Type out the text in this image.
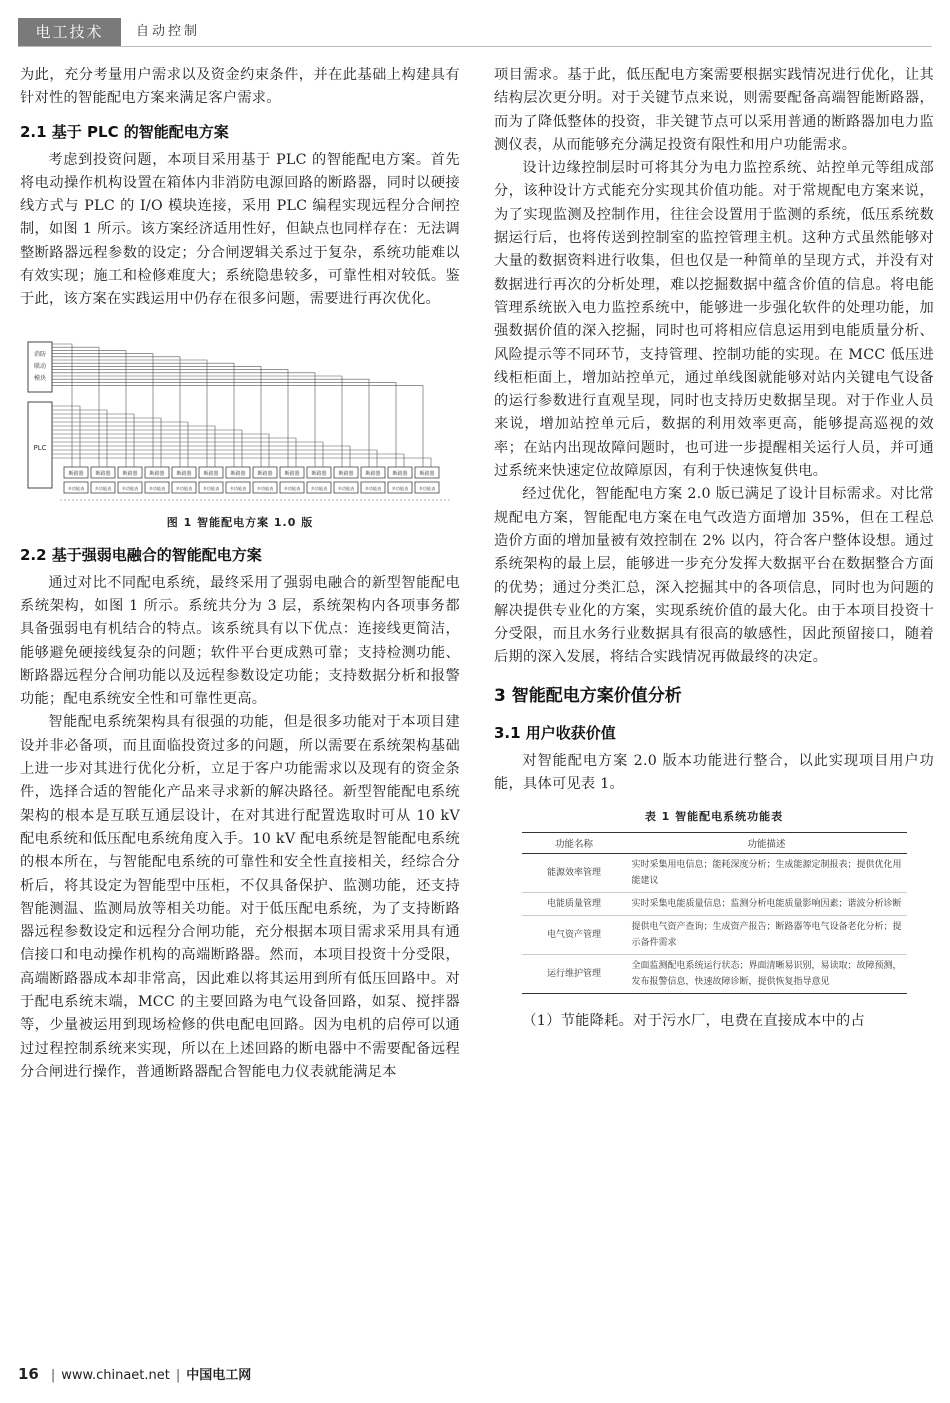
电工技术	自动控制

为此，充分考量用户需求以及资金约束条件，并在此基础上构建具有针对性的智能配电方案来满足客户需求。

2.1 基于 PLC 的智能配电方案

考虑到投资问题，本项目采用基于 PLC 的智能配电方案。首先将电动操作机构设置在箱体内非消防电源回路的断路器，同时以硬接线方式与 PLC 的 I/O 模块连接，采用 PLC 编程实现远程分合闸控制，如图 1 所示。该方案经济适用性好，但缺点也同样存在：无法调整断路器远程参数的设定；分合闸逻辑关系过于复杂，系统功能难以有效实现；施工和检修难度大；系统隐患较多，可靠性相对较低。鉴于此，该方案在实践运用中仍存在很多问题，需要进行再次优化。

消防
联动
模块
PLC
断路器
多功能表
断路器
多功能表
断路器
多功能表
断路器
多功能表
断路器
多功能表
断路器
多功能表
断路器
多功能表
断路器
多功能表
断路器
多功能表
断路器
多功能表
断路器
多功能表
断路器
多功能表
断路器
多功能表
断路器
多功能表
图 1 智能配电方案 1.0 版
2.2 基于强弱电融合的智能配电方案

通过对比不同配电系统，最终采用了强弱电融合的新型智能配电系统架构，如图 1 所示。系统共分为 3 层，系统架构内各项事务都具备强弱电有机结合的特点。该系统具有以下优点：连接线更简洁，能够避免硬接线复杂的问题；软件平台更成熟可靠；支持检测功能、断路器远程分合闸功能以及远程参数设定功能；支持数据分析和报警功能；配电系统安全性和可靠性更高。

智能配电系统架构具有很强的功能，但是很多功能对于本项目建设并非必备项，而且面临投资过多的问题，所以需要在系统架构基础上进一步对其进行优化分析，立足于客户功能需求以及现有的资金条件，选择合适的智能化产品来寻求新的解决路径。新型智能配电系统架构的根本是互联互通层设计，在对其进行配置选取时可从 10 kV 配电系统和低压配电系统角度入手。10 kV 配电系统是智能配电系统的根本所在，与智能配电系统的可靠性和安全性直接相关，经综合分析后，将其设定为智能型中压柜，不仅具备保护、监测功能，还支持智能测温、监测局放等相关功能。对于低压配电系统，为了支持断路器远程参数设定和远程分合闸功能，充分根据本项目需求采用具有通信接口和电动操作机构的高端断路器。然而，本项目投资十分受限，高端断路器成本却非常高，因此难以将其运用到所有低压回路中。对于配电系统末端，MCC 的主要回路为电气设备回路，如泵、搅拌器等，少量被运用到现场检修的供电配电回路。因为电机的启停可以通过过程控制系统来实现，所以在上述回路的断电器中不需要配备远程分合闸进行操作，普通断路器配合智能电力仪表就能满足本

项目需求。基于此，低压配电方案需要根据实践情况进行优化，让其结构层次更分明。对于关键节点来说，则需要配备高端智能断路器，而为了降低整体的投资，非关键节点可以采用普通的断路器加电力监测仪表，从而能够充分满足投资有限性和用户功能需求。

设计边缘控制层时可将其分为电力监控系统、站控单元等组成部分，该种设计方式能充分实现其价值功能。对于常规配电方案来说，为了实现监测及控制作用，往往会设置用于监测的系统，低压系统数据运行后，也将传送到控制室的监控管理主机。这种方式虽然能够对大量的数据资料进行收集，但也仅是一种简单的呈现方式，并没有对数据进行再次的分析处理，难以挖掘数据中蕴含价值的信息。将电能管理系统嵌入电力监控系统中，能够进一步强化软件的处理功能，加强数据价值的深入挖掘，同时也可将相应信息运用到电能质量分析、风险提示等不同环节，支持管理、控制功能的实现。在 MCC 低压进线柜柜面上，增加站控单元，通过单线图就能够对站内关键电气设备的运行参数进行直观呈现，同时也支持历史数据呈现。对于作业人员来说，增加站控单元后，数据的利用效率更高，能够提高巡视的效率；在站内出现故障问题时，也可进一步提醒相关运行人员，并可通过系统来快速定位故障原因，有利于快速恢复供电。

经过优化，智能配电方案 2.0 版已满足了设计目标需求。对比常规配电方案，智能配电方案在电气改造方面增加 35%，但在工程总造价方面的增加量被有效控制在 2% 以内，符合客户整体设想。通过系统架构的最上层，能够进一步充分发挥大数据平台在数据整合方面的优势；通过分类汇总，深入挖掘其中的各项信息，同时也为问题的解决提供专业化的方案，实现系统价值的最大化。由于本项目投资十分受限，而且水务行业数据具有很高的敏感性，因此预留接口，随着后期的深入发展，将结合实践情况再做最终的决定。

3 智能配电方案价值分析
3.1 用户收获价值

对智能配电方案 2.0 版本功能进行整合，以此实现项目用户功能，具体可见表 1。

表 1 智能配电系统功能表
功能名称	功能描述
能源效率管理	实时采集用电信息；能耗深度分析；生成能源定制报表；提供优化用能建议
电能质量管理	实时采集电能质量信息；监测分析电能质量影响因素；谐波分析诊断
电气资产管理	提供电气资产查询；生成资产报告；断路器等电气设备老化分析；提示备件需求
运行维护管理	全面监测配电系统运行状态；界面清晰易识别，易读取；故障预测，发布报警信息，快速故障诊断，提供恢复指导意见

（1）节能降耗。对于污水厂，电费在直接成本中的占

16 | www.chinaet.net | 中国电工网
